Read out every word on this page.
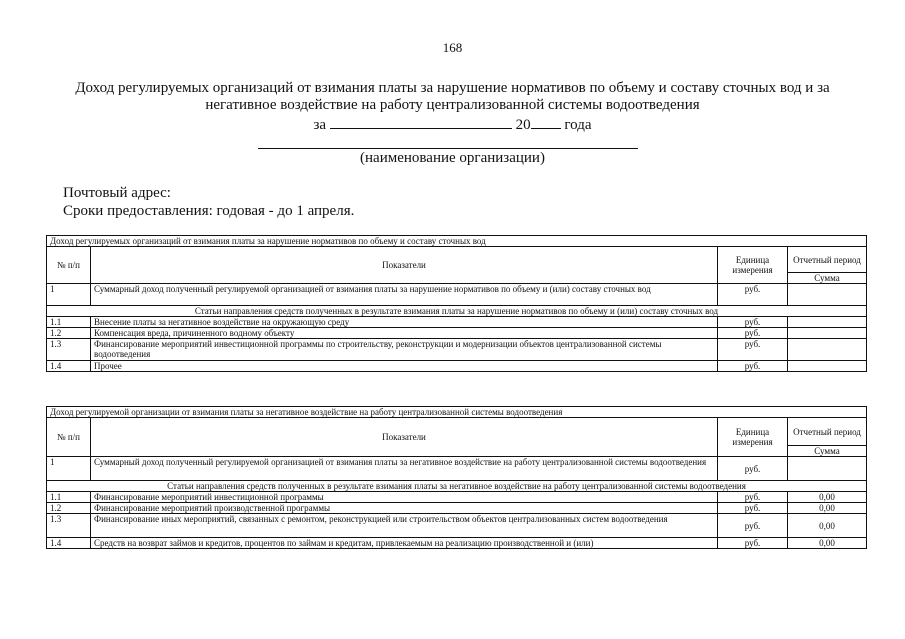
168
Доход регулируемых организаций от взимания платы за нарушение нормативов по объему и составу сточных вод и за негативное воздействие на работу централизованной системы водоотведения
за	20 года
(наименование организации)
Почтовый адрес:
Сроки предоставления: годовая - до 1 апреля.
Доход регулируемых организаций от взимания платы за нарушение нормативов по объему и составу сточных вод			
№ п/п	Показатели	Единица измерения	Отчетный период
			Сумма
1	Суммарный доход полученный регулируемой организацией от взимания платы за нарушение нормативов по объему и (или) составу сточных вод	руб.	
Статьи направления средств полученных в результате взимания платы за нарушение нормативов по объему и (или) составу сточных вод			
1.1	Внесение платы за негативное воздействие на окружающую среду	руб.	
1.2	Компенсация вреда, причиненного водному объекту	руб.	
1.3	Финансирование мероприятий инвестиционной программы по строительству, реконструкции и модернизации объектов централизованной системы водоотведения	руб.	
1.4	Прочее	руб.	
Доход регулируемой организации от взимания платы за негативное воздействие на работу централизованной системы водоотведения			
№ п/п	Показатели	Единица измерения	Отчетный период
			Сумма
1	Суммарный доход полученный регулируемой организацией от взимания платы за негативное воздействие на работу централизованной системы водоотведения	руб.	
Статьи направления средств полученных в результате взимания платы за негативное воздействие на работу централизованной системы водоотведения			
1.1	Финансирование мероприятий инвестиционной программы	руб.	0,00
1.2	Финансирование мероприятий производственной программы	руб.	0,00
1.3	Финансирование иных мероприятий, связанных с ремонтом, реконструкцией или строительством объектов централизованных систем водоотведения	руб.	0,00
1.4	Средств на возврат займов и кредитов, процентов по займам и кредитам, привлекаемым на реализацию производственной и (или)	руб.	0,00
